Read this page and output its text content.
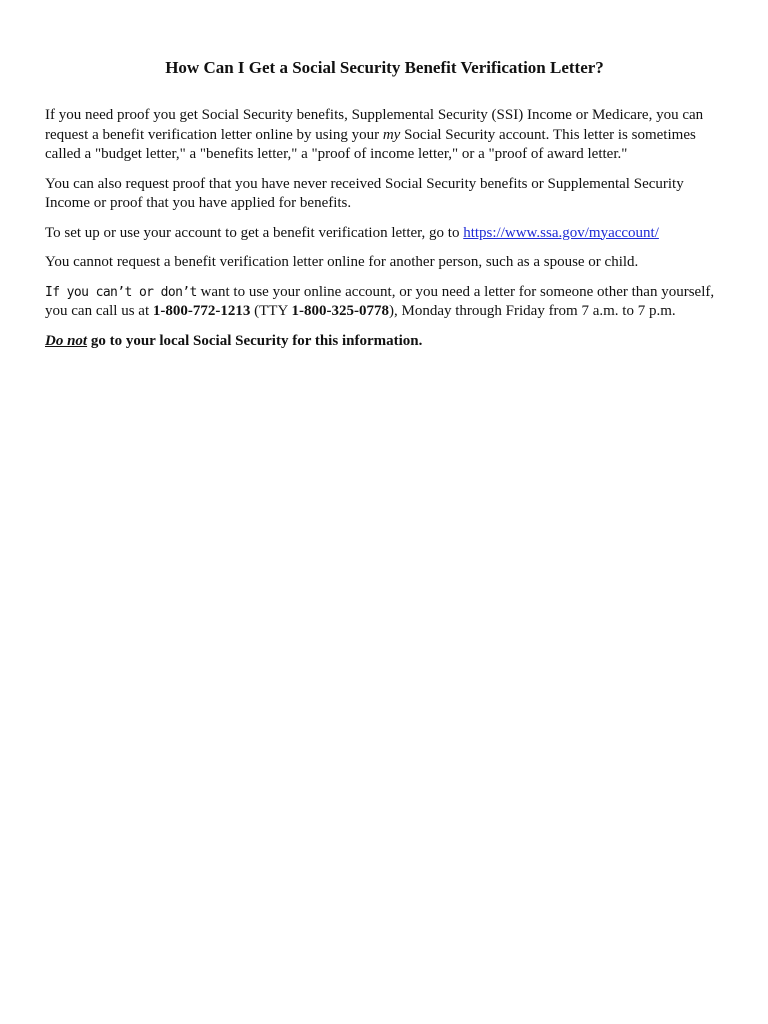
How Can I Get a Social Security Benefit Verification Letter?

If you need proof you get Social Security benefits, Supplemental Security (SSI) Income or Medicare, you can request a benefit verification letter online by using your my Social Security account. This letter is sometimes called a "budget letter," a "benefits letter," a "proof of income letter," or a "proof of award letter."

You can also request proof that you have never received Social Security benefits or Supplemental Security Income or proof that you have applied for benefits.

To set up or use your account to get a benefit verification letter, go to https://www.ssa.gov/myaccount/

You cannot request a benefit verification letter online for another person, such as a spouse or child.

If you can’t or don’t want to use your online account, or you need a letter for someone other than yourself, you can call us at 1-800-772-1213 (TTY 1-800-325-0778), Monday through Friday from 7 a.m. to 7 p.m.

Do not go to your local Social Security for this information.
